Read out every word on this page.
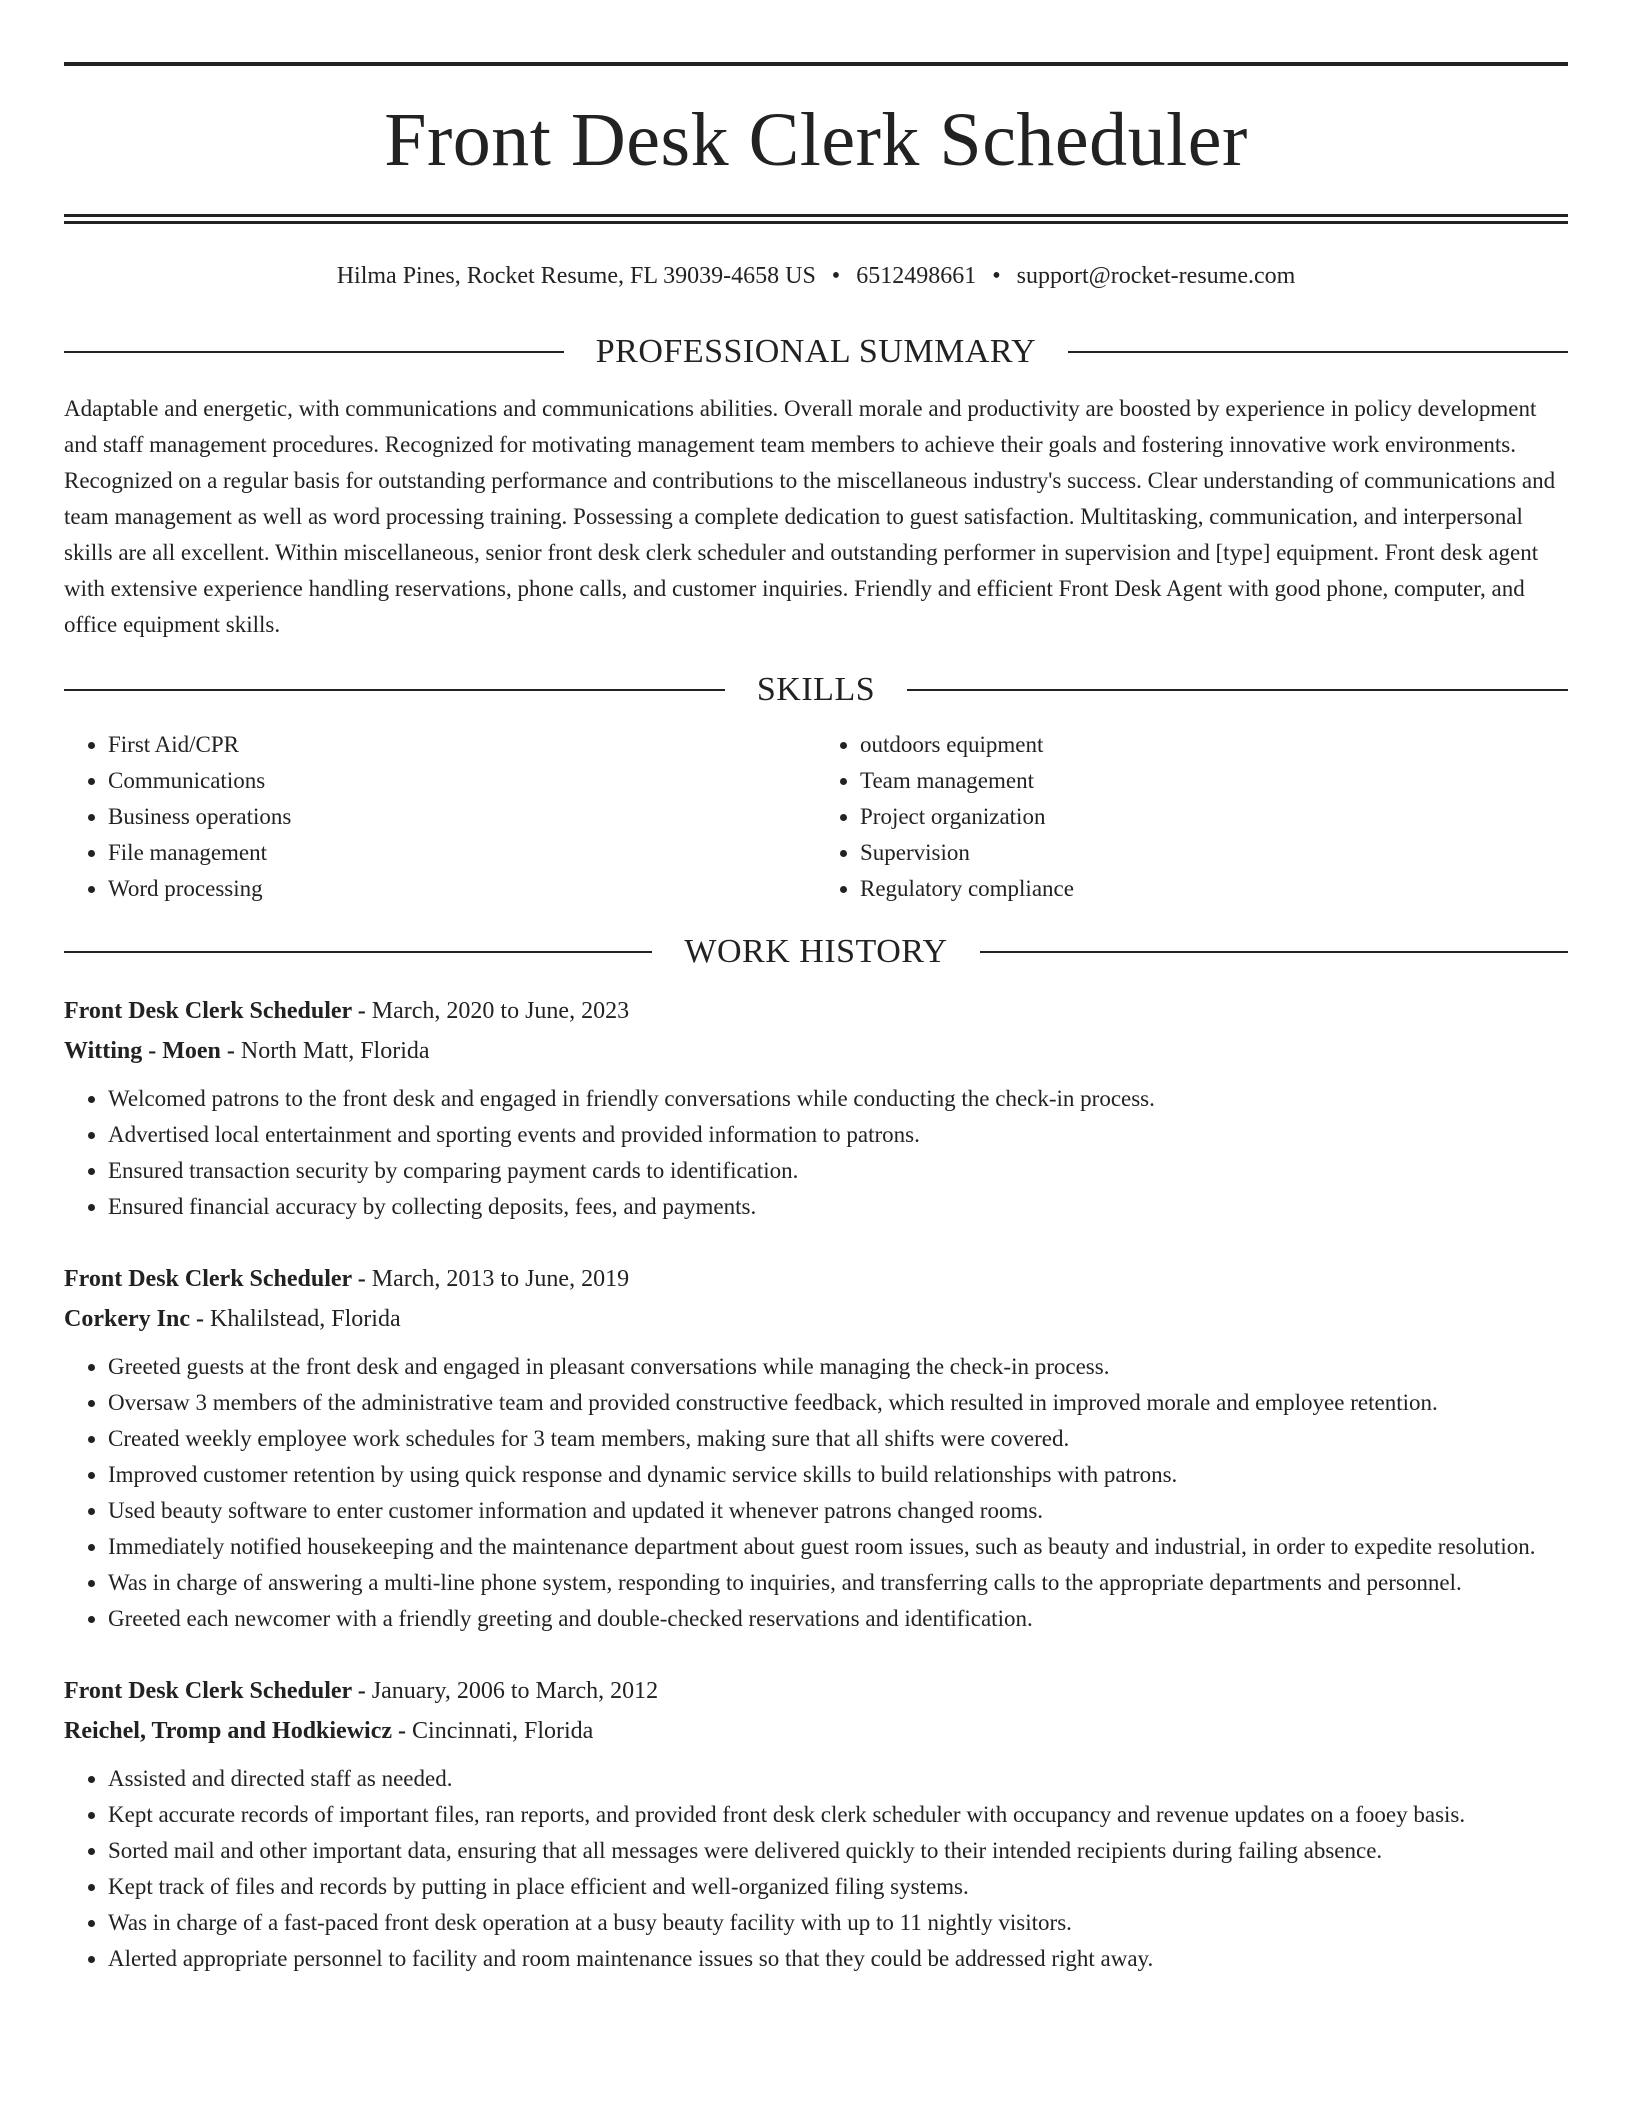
Front Desk Clerk Scheduler
Hilma Pines, Rocket Resume, FL 39039-4658 US • 6512498661 • support@rocket-resume.com
PROFESSIONAL SUMMARY
Adaptable and energetic, with communications and communications abilities. Overall morale and productivity are boosted by experience in policy development and staff management procedures. Recognized for motivating management team members to achieve their goals and fostering innovative work environments. Recognized on a regular basis for outstanding performance and contributions to the miscellaneous industry's success. Clear understanding of communications and team management as well as word processing training. Possessing a complete dedication to guest satisfaction. Multitasking, communication, and interpersonal skills are all excellent. Within miscellaneous, senior front desk clerk scheduler and outstanding performer in supervision and [type] equipment. Front desk agent with extensive experience handling reservations, phone calls, and customer inquiries. Friendly and efficient Front Desk Agent with good phone, computer, and office equipment skills.
SKILLS
• First Aid/CPR
• Communications
• Business operations
• File management
• Word processing
• outdoors equipment
• Team management
• Project organization
• Supervision
• Regulatory compliance
WORK HISTORY
Front Desk Clerk Scheduler - March, 2020 to June, 2023
Witting - Moen - North Matt, Florida
• Welcomed patrons to the front desk and engaged in friendly conversations while conducting the check-in process.
• Advertised local entertainment and sporting events and provided information to patrons.
• Ensured transaction security by comparing payment cards to identification.
• Ensured financial accuracy by collecting deposits, fees, and payments.
Front Desk Clerk Scheduler - March, 2013 to June, 2019
Corkery Inc - Khalilstead, Florida
• Greeted guests at the front desk and engaged in pleasant conversations while managing the check-in process.
• Oversaw 3 members of the administrative team and provided constructive feedback, which resulted in improved morale and employee retention.
• Created weekly employee work schedules for 3 team members, making sure that all shifts were covered.
• Improved customer retention by using quick response and dynamic service skills to build relationships with patrons.
• Used beauty software to enter customer information and updated it whenever patrons changed rooms.
• Immediately notified housekeeping and the maintenance department about guest room issues, such as beauty and industrial, in order to expedite resolution.
• Was in charge of answering a multi-line phone system, responding to inquiries, and transferring calls to the appropriate departments and personnel.
• Greeted each newcomer with a friendly greeting and double-checked reservations and identification.
Front Desk Clerk Scheduler - January, 2006 to March, 2012
Reichel, Tromp and Hodkiewicz - Cincinnati, Florida
• Assisted and directed staff as needed.
• Kept accurate records of important files, ran reports, and provided front desk clerk scheduler with occupancy and revenue updates on a fooey basis.
• Sorted mail and other important data, ensuring that all messages were delivered quickly to their intended recipients during failing absence.
• Kept track of files and records by putting in place efficient and well-organized filing systems.
• Was in charge of a fast-paced front desk operation at a busy beauty facility with up to 11 nightly visitors.
• Alerted appropriate personnel to facility and room maintenance issues so that they could be addressed right away.
